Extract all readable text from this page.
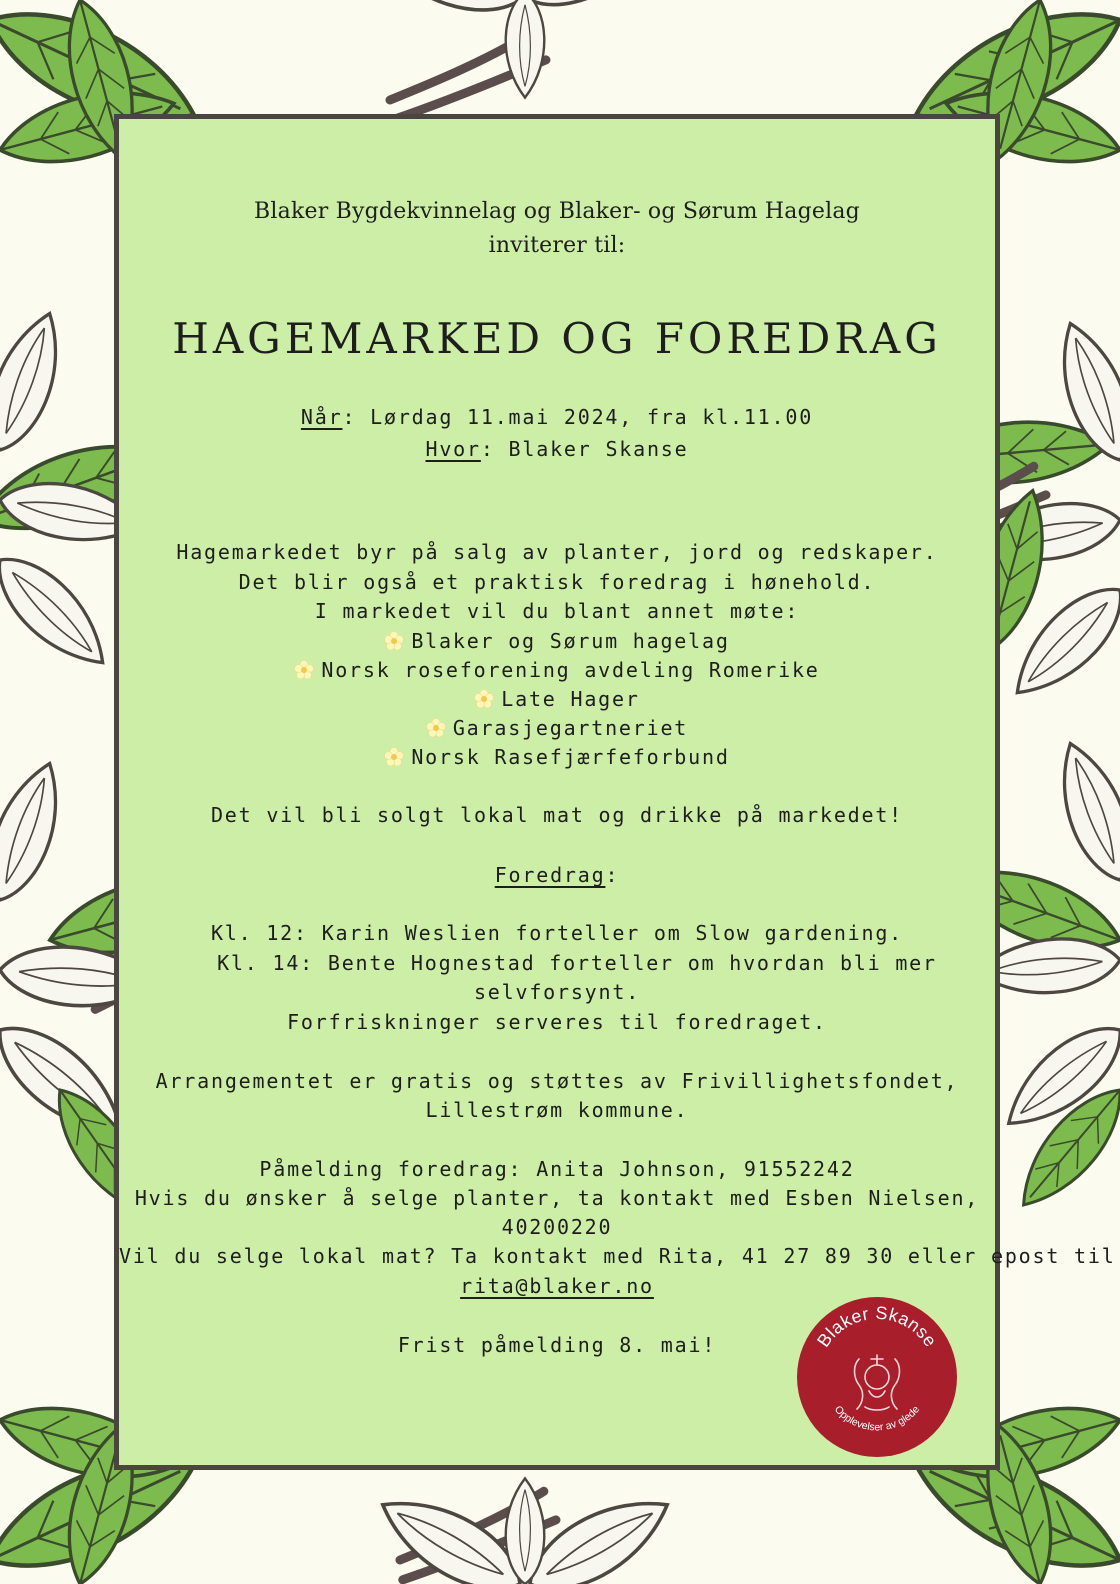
Blaker Bygdekvinnelag og Blaker- og Sørum Hagelag
inviterer til:
HAGEMARKED OG FOREDRAG
Når: Lørdag 11.mai 2024, fra kl.11.00
Hvor: Blaker Skanse
Hagemarkedet byr på salg av planter, jord og redskaper.
Det blir også et praktisk foredrag i hønehold.
I markedet vil du blant annet møte:
Blaker og Sørum hagelag
Norsk roseforening avdeling Romerike
Late Hager
Garasjegartneriet
Norsk Rasefjærfeforbund
Det vil bli solgt lokal mat og drikke på markedet!
Foredrag:
Kl. 12: Karin Weslien forteller om Slow gardening.
Kl. 14: Bente Hognestad forteller om hvordan bli mer
selvforsynt.
Forfriskninger serveres til foredraget.
Arrangementet er gratis og støttes av Frivillighetsfondet,
Lillestrøm kommune.
Påmelding foredrag: Anita Johnson, 91552242
Hvis du ønsker å selge planter, ta kontakt med Esben Nielsen,
40200220
Vil du selge lokal mat? Ta kontakt med Rita, 41 27 89 30 eller epost til
rita@blaker.no
Frist påmelding 8. mai!	Blaker Skanse
Opplevelser av glede
